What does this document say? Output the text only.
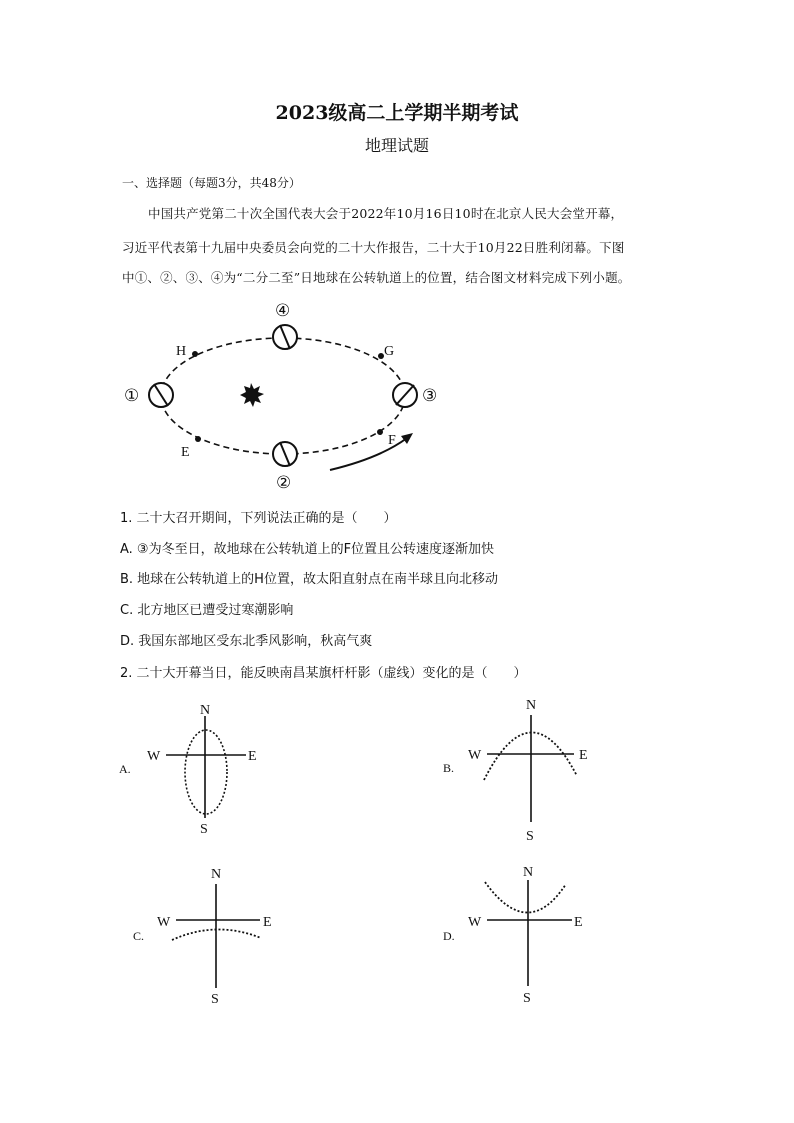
2023级高二上学期半期考试
地理试题
一、选择题（每题3分，共48分）
中国共产党第二十次全国代表大会于2022年10月16日10时在北京人民大会堂开幕，
习近平代表第十九届中央委员会向党的二十大作报告，二十大于10月22日胜利闭幕。下图
中①、②、③、④为“二分二至”日地球在公转轨道上的位置，结合图文材料完成下列小题。
H	G
E
F
①
②
③
④
1. 二十大召开期间，下列说法正确的是（　　）
A. ③为冬至日，故地球在公转轨道上的F位置且公转速度逐渐加快
B. 地球在公转轨道上的H位置，故太阳直射点在南半球且向北移动
C. 北方地区已遭受过寒潮影响
D. 我国东部地区受东北季风影响，秋高气爽
2. 二十大开幕当日，能反映南昌某旗杆杆影（虚线）变化的是（　　）
N
S
W	E
A.
N
S
W	E
B.
N
S
W	E
C.
N
S
W	E
D.
